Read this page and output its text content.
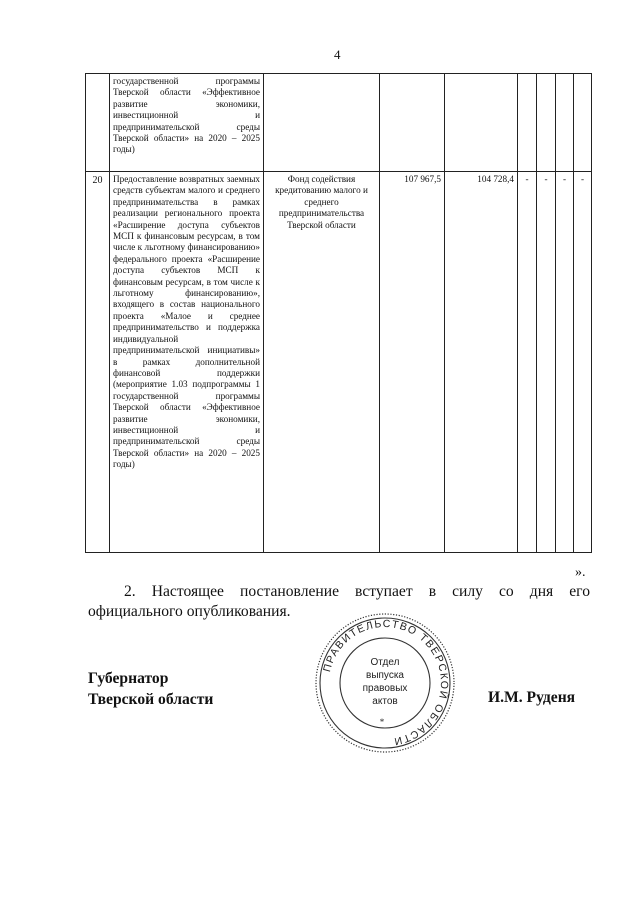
4
	государственной программы Тверской области «Эффективное развитие экономики, инвестиционной и предпринимательской среды Тверской области» на 2020 – 2025 годы)							
20	Предоставление возвратных заемных средств субъектам малого и среднего предпринимательства в рамках реализации регионального проекта «Расширение доступа субъектов МСП к финансовым ресурсам, в том числе к льготному финансированию» федерального проекта «Расширение доступа субъектов МСП к финансовым ресурсам, в том числе к льготному финансированию», входящего в состав национального проекта «Малое и среднее предпринимательство и поддержка индивидуальной предпринимательской инициативы» в рамках дополнительной финансовой поддержки (мероприятие 1.03 подпрограммы 1 государственной программы Тверской области «Эффективное развитие экономики, инвестиционной и предпринимательской среды Тверской области» на 2020 – 2025 годы)	Фонд содействия кредитованию малого и среднего предпринимательства Тверской области	107 967,5	104 728,4	-	-	-	-
».
2. Настоящее постановление вступает в силу со дня его официального опубликования.
Губернатор
Тверской области	И.М. Руденя
ПРАВИТЕЛЬСТВО ТВЕРСКОЙ ОБЛАСТИ
*
Отдел
выпуска
правовых
актов
